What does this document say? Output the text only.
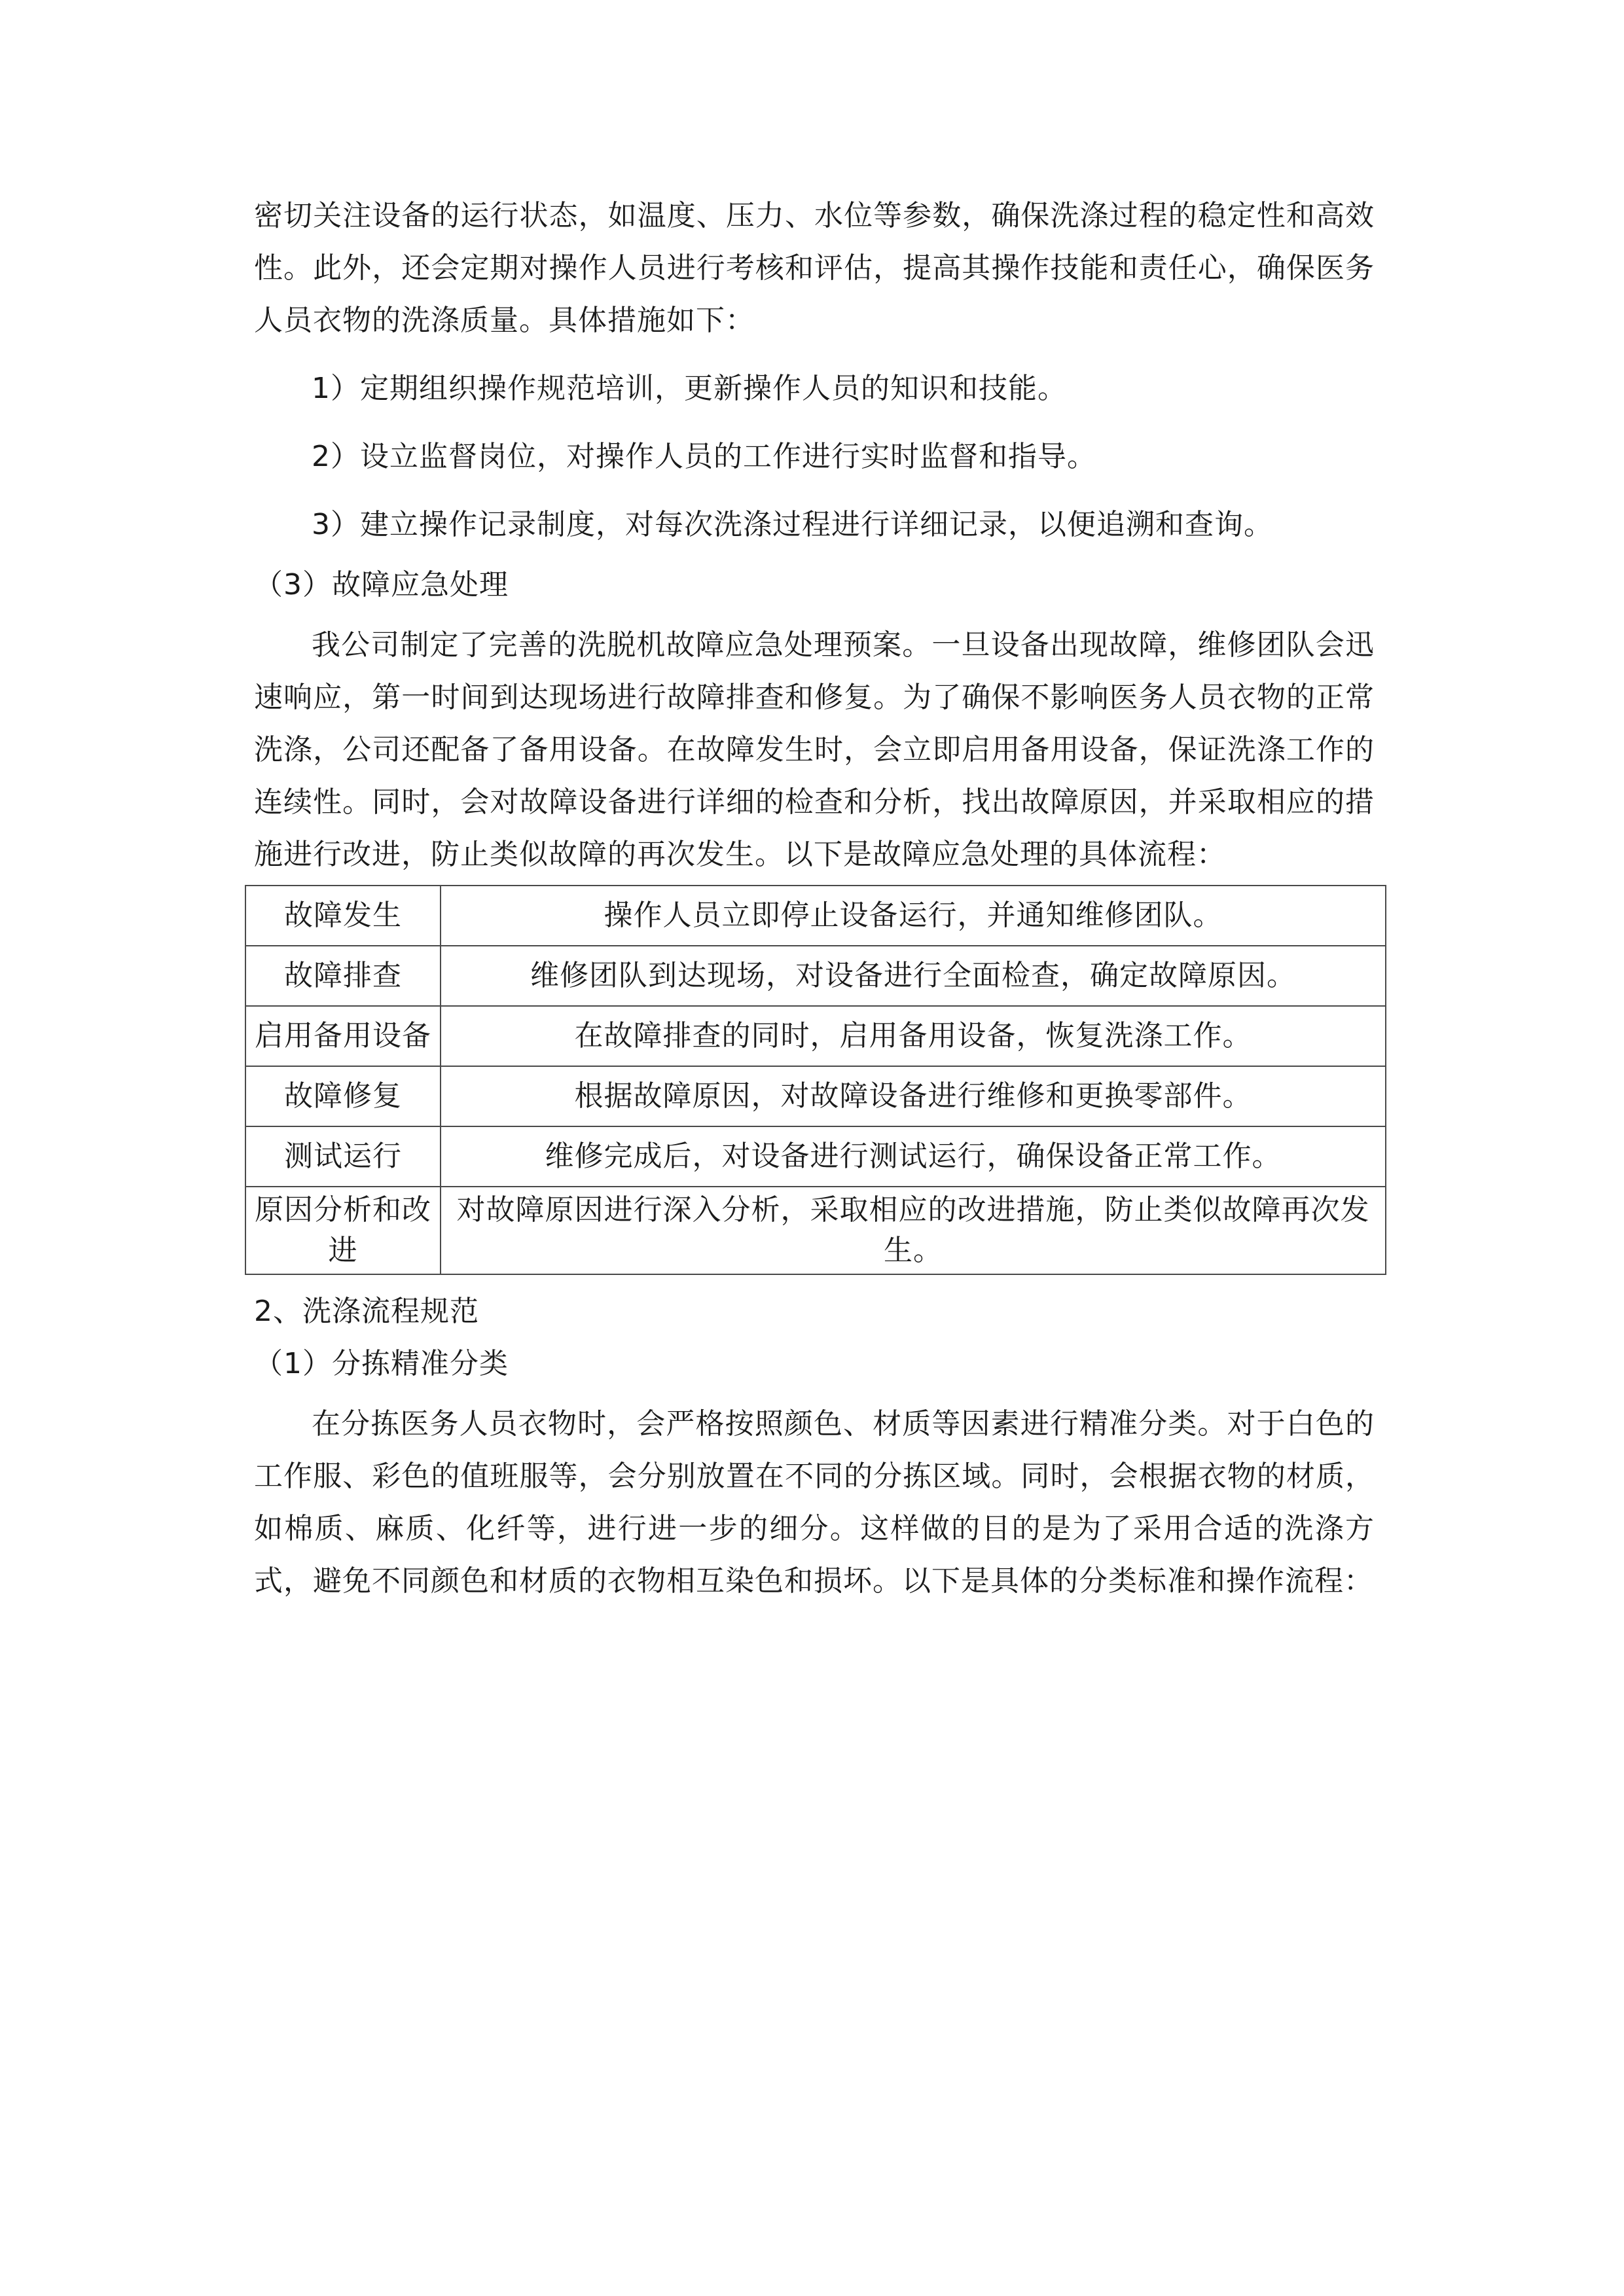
密切关注设备的运行状态，如温度、压力、水位等参数，确保洗涤过程的稳定性和高效性。此外，还会定期对操作人员进行考核和评估，提高其操作技能和责任心，确保医务人员衣物的洗涤质量。具体措施如下：

1）定期组织操作规范培训，更新操作人员的知识和技能。

2）设立监督岗位，对操作人员的工作进行实时监督和指导。

3）建立操作记录制度，对每次洗涤过程进行详细记录，以便追溯和查询。

（3）故障应急处理

我公司制定了完善的洗脱机故障应急处理预案。一旦设备出现故障，维修团队会迅速响应，第一时间到达现场进行故障排查和修复。为了确保不影响医务人员衣物的正常洗涤，公司还配备了备用设备。在故障发生时，会立即启用备用设备，保证洗涤工作的连续性。同时，会对故障设备进行详细的检查和分析，找出故障原因，并采取相应的措施进行改进，防止类似故障的再次发生。以下是故障应急处理的具体流程：

故障发生	操作人员立即停止设备运行，并通知维修团队。
故障排查	维修团队到达现场，对设备进行全面检查，确定故障原因。
启用备用设备	在故障排查的同时，启用备用设备，恢复洗涤工作。
故障修复	根据故障原因，对故障设备进行维修和更换零部件。
测试运行	维修完成后，对设备进行测试运行，确保设备正常工作。
原因分析和改进	对故障原因进行深入分析，采取相应的改进措施，防止类似故障再次发生。

2、洗涤流程规范

（1）分拣精准分类

在分拣医务人员衣物时，会严格按照颜色、材质等因素进行精准分类。对于白色的工作服、彩色的值班服等，会分别放置在不同的分拣区域。同时，会根据衣物的材质，如棉质、麻质、化纤等，进行进一步的细分。这样做的目的是为了采用合适的洗涤方式，避免不同颜色和材质的衣物相互染色和损坏。以下是具体的分类标准和操作流程：
